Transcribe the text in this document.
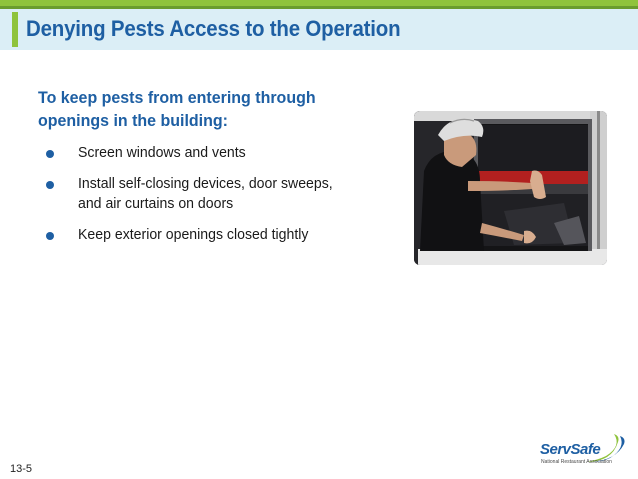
Denying Pests Access to the Operation
To keep pests from entering through openings in the building:
Screen windows and vents
Install self-closing devices, door sweeps, and air curtains on doors
Keep exterior openings closed tightly
13-5
ServSafe
National Restaurant Association
